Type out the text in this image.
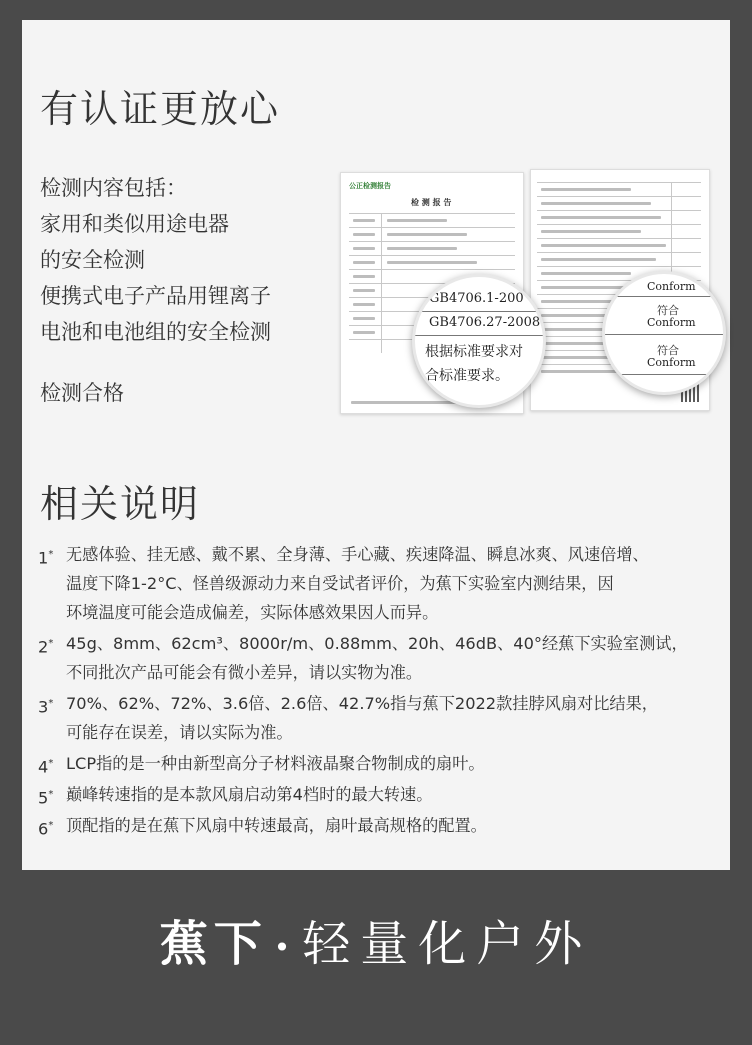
有认证更放心
检测内容包括：
家用和类似用途电器
的安全检测
便携式电子产品用锂离子
电池和电池组的安全检测
检测合格
公正检测报告
检 测 报 告
GB4706.1-200
GB4706.27-2008
根据标准要求对
合标准要求。
Conform
符合
Conform
符合
Conform
相关说明
1* 无感体验、挂无感、戴不累、全身薄、手心藏、疾速降温、瞬息冰爽、风速倍增、
温度下降1-2°C、怪兽级源动力来自受试者评价，为蕉下实验室内测结果，因
环境温度可能会造成偏差，实际体感效果因人而异。
2* 45g、8mm、62cm³、8000r/m、0.88mm、20h、46dB、40°经蕉下实验室测试，
不同批次产品可能会有微小差异，请以实物为准。
3* 70%、62%、72%、3.6倍、2.6倍、42.7%指与蕉下2022款挂脖风扇对比结果，
可能存在误差，请以实际为准。
4* LCP指的是一种由新型高分子材料液晶聚合物制成的扇叶。
5* 巅峰转速指的是本款风扇启动第4档时的最大转速。
6* 顶配指的是在蕉下风扇中转速最高，扇叶最高规格的配置。
蕉下 • 轻量化户外
